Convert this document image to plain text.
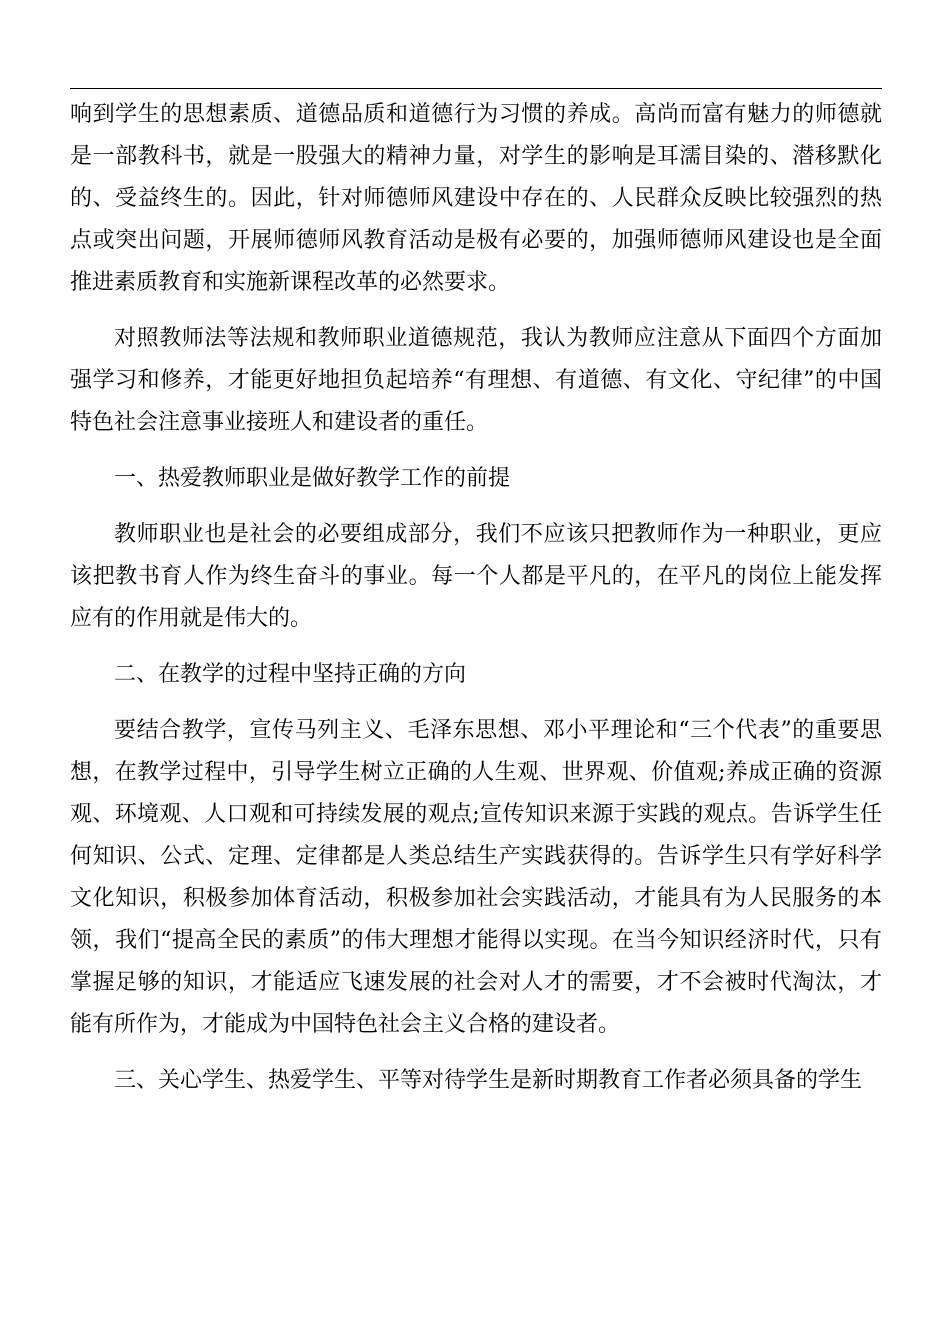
响到学生的思想素质、道德品质和道德行为习惯的养成。高尚而富有魅力的师德就是一部教科书，就是一股强大的精神力量，对学生的影响是耳濡目染的、潜移默化的、受益终生的。因此，针对师德师风建设中存在的、人民群众反映比较强烈的热点或突出问题，开展师德师风教育活动是极有必要的，加强师德师风建设也是全面推进素质教育和实施新课程改革的必然要求。

对照教师法等法规和教师职业道德规范，我认为教师应注意从下面四个方面加强学习和修养，才能更好地担负起培养“有理想、有道德、有文化、守纪律”的中国特色社会注意事业接班人和建设者的重任。

一、热爱教师职业是做好教学工作的前提

教师职业也是社会的必要组成部分，我们不应该只把教师作为一种职业，更应该把教书育人作为终生奋斗的事业。每一个人都是平凡的，在平凡的岗位上能发挥应有的作用就是伟大的。

二、在教学的过程中坚持正确的方向

要结合教学，宣传马列主义、毛泽东思想、邓小平理论和“三个代表”的重要思想，在教学过程中，引导学生树立正确的人生观、世界观、价值观;养成正确的资源观、环境观、人口观和可持续发展的观点;宣传知识来源于实践的观点。告诉学生任何知识、公式、定理、定律都是人类总结生产实践获得的。告诉学生只有学好科学文化知识，积极参加体育活动，积极参加社会实践活动，才能具有为人民服务的本领，我们“提高全民的素质”的伟大理想才能得以实现。在当今知识经济时代，只有掌握足够的知识，才能适应飞速发展的社会对人才的需要，才不会被时代淘汰，才能有所作为，才能成为中国特色社会主义合格的建设者。

三、关心学生、热爱学生、平等对待学生是新时期教育工作者必须具备的学生
